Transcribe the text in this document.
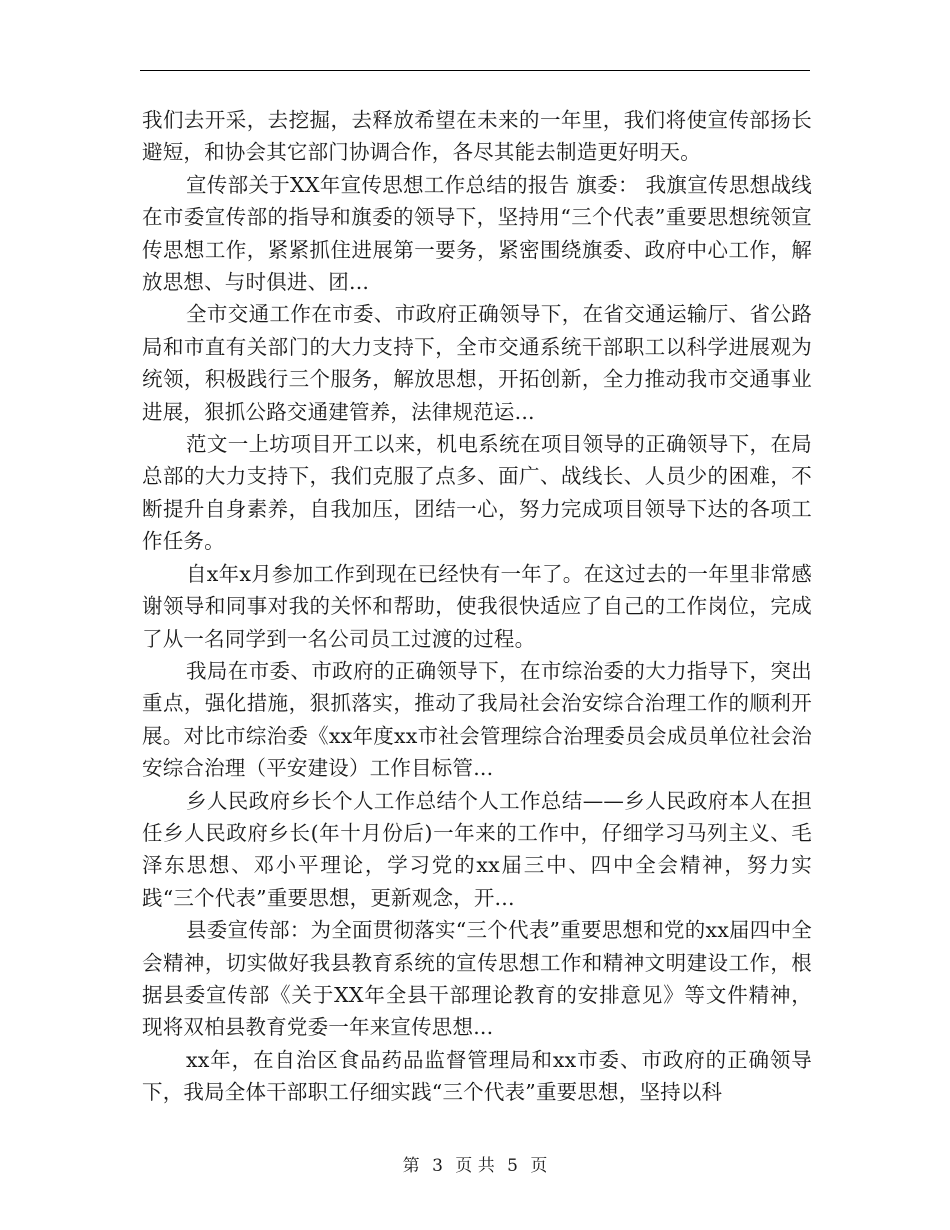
我们去开采，去挖掘，去释放希望在未来的一年里，我们将使宣传部扬长避短，和协会其它部门协调合作，各尽其能去制造更好明天。

宣传部关于XX年宣传思想工作总结的报告 旗委： 我旗宣传思想战线在市委宣传部的指导和旗委的领导下，坚持用“三个代表”重要思想统领宣传思想工作，紧紧抓住进展第一要务，紧密围绕旗委、政府中心工作，解放思想、与时俱进、团...

全市交通工作在市委、市政府正确领导下，在省交通运输厅、省公路局和市直有关部门的大力支持下，全市交通系统干部职工以科学进展观为统领，积极践行三个服务，解放思想，开拓创新，全力推动我市交通事业进展，狠抓公路交通建管养，法律规范运...

范文一上坊项目开工以来，机电系统在项目领导的正确领导下，在局总部的大力支持下，我们克服了点多、面广、战线长、人员少的困难，不断提升自身素养，自我加压，团结一心，努力完成项目领导下达的各项工作任务。

自x年x月参加工作到现在已经快有一年了。在这过去的一年里非常感谢领导和同事对我的关怀和帮助，使我很快适应了自己的工作岗位，完成了从一名同学到一名公司员工过渡的过程。

我局在市委、市政府的正确领导下，在市综治委的大力指导下，突出重点，强化措施，狠抓落实，推动了我局社会治安综合治理工作的顺利开展。对比市综治委《xx年度xx市社会管理综合治理委员会成员单位社会治安综合治理（平安建设）工作目标管...

乡人民政府乡长个人工作总结个人工作总结——乡人民政府本人在担任乡人民政府乡长(年十月份后)一年来的工作中，仔细学习马列主义、毛泽东思想、邓小平理论，学习党的xx届三中、四中全会精神，努力实践“三个代表”重要思想，更新观念，开...

县委宣传部：为全面贯彻落实“三个代表”重要思想和党的xx届四中全会精神，切实做好我县教育系统的宣传思想工作和精神文明建设工作，根据县委宣传部《关于XX年全县干部理论教育的安排意见》等文件精神，现将双柏县教育党委一年来宣传思想...

xx年，在自治区食品药品监督管理局和xx市委、市政府的正确领导下，我局全体干部职工仔细实践“三个代表”重要思想，坚持以科

第 3 页 共 5 页
